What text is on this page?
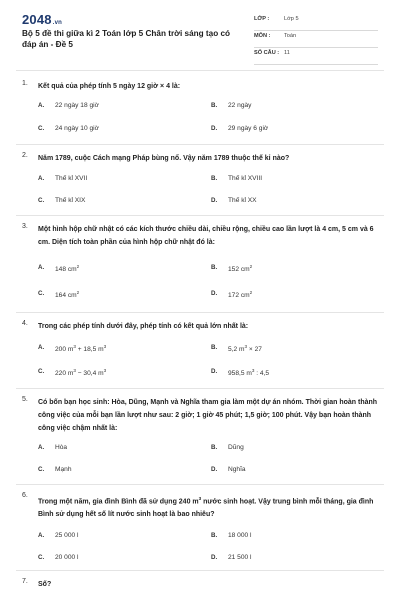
2048.vn
Bộ 5 đề thi giữa kì 2 Toán lớp 5 Chân trời sáng tạo có đáp án - Đề 5
LỚP :	Lớp 5
MÔN : Toán
SỐ CÂU : 11
1. Kết quả của phép tính 5 ngày 12 giờ × 4 là:
A. 22 ngày 18 giờ	B. 22 ngày
C. 24 ngày 10 giờ	D. 29 ngày 6 giờ
2. Năm 1789, cuộc Cách mạng Pháp bùng nổ. Vậy năm 1789 thuộc thế kỉ nào?
A. Thế kỉ XVII	B. Thế kỉ XVIII
C. Thế kỉ XIX	D. Thế kỉ XX
3. Một hình hộp chữ nhật có các kích thước chiều dài, chiều rộng, chiều cao lần lượt là 4 cm, 5 cm và 6 cm. Diện tích toàn phần của hình hộp chữ nhật đó là:
A. 148 $cm^2$	B. 152 $cm^2$
C. 164 $cm^2$	D. 172 $cm^2$
4. Trong các phép tính dưới đây, phép tính có kết quả lớn nhất là:
A. 200 $m^3 + 18,5$ $m^3$	B. 5,2 $m^3 \times 27$
C. 220 $m^3 - 30,4$ $m^3$	D. 958,5 $m^3$ : 4,5
5. Có bốn bạn học sinh: Hòa, Dũng, Mạnh và Nghĩa tham gia làm một dự án nhóm. Thời gian hoàn thành công việc của mỗi bạn lần lượt như sau: 2 giờ; 1 giờ 45 phút; 1,5 giờ; 100 phút. Vậy bạn hoàn thành công việc chậm nhất là:
A. Hòa	B. Dũng
C. Mạnh	D. Nghĩa
6.
Trong một năm, gia đình Bình đã sử dụng 240 $m^3$ nước sinh hoạt. Vậy trung bình mỗi tháng, gia đình Bình sử dụng hết số lít nước sinh hoạt là bao nhiêu?
A. 25 000 l	B. 18 000 l
C. 20 000 l	D. 21 500 l
7. Số?
